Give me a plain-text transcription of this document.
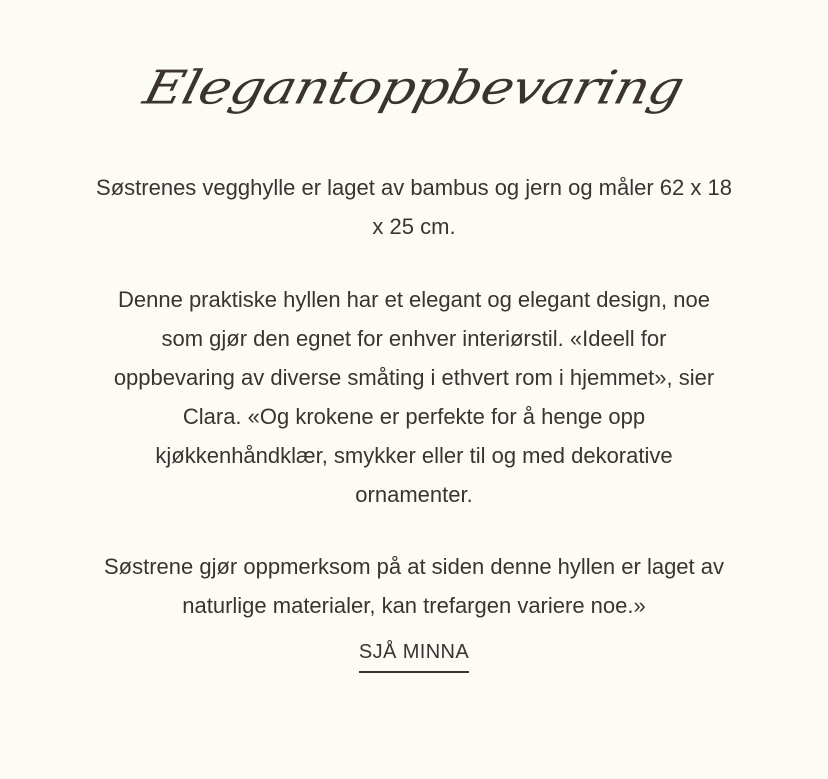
Elegantoppbevaring

Søstrenes vegghylle er laget av bambus og jern og måler 62 x 18
x 25 cm.

Denne praktiske hyllen har et elegant og elegant design, noe
som gjør den egnet for enhver interiørstil. «Ideell for
oppbevaring av diverse småting i ethvert rom i hjemmet», sier
Clara. «Og krokene er perfekte for å henge opp
kjøkkenhåndklær, smykker eller til og med dekorative
ornamenter.

Søstrene gjør oppmerksom på at siden denne hyllen er laget av
naturlige materialer, kan trefargen variere noe.»

SJÅ MINNA
